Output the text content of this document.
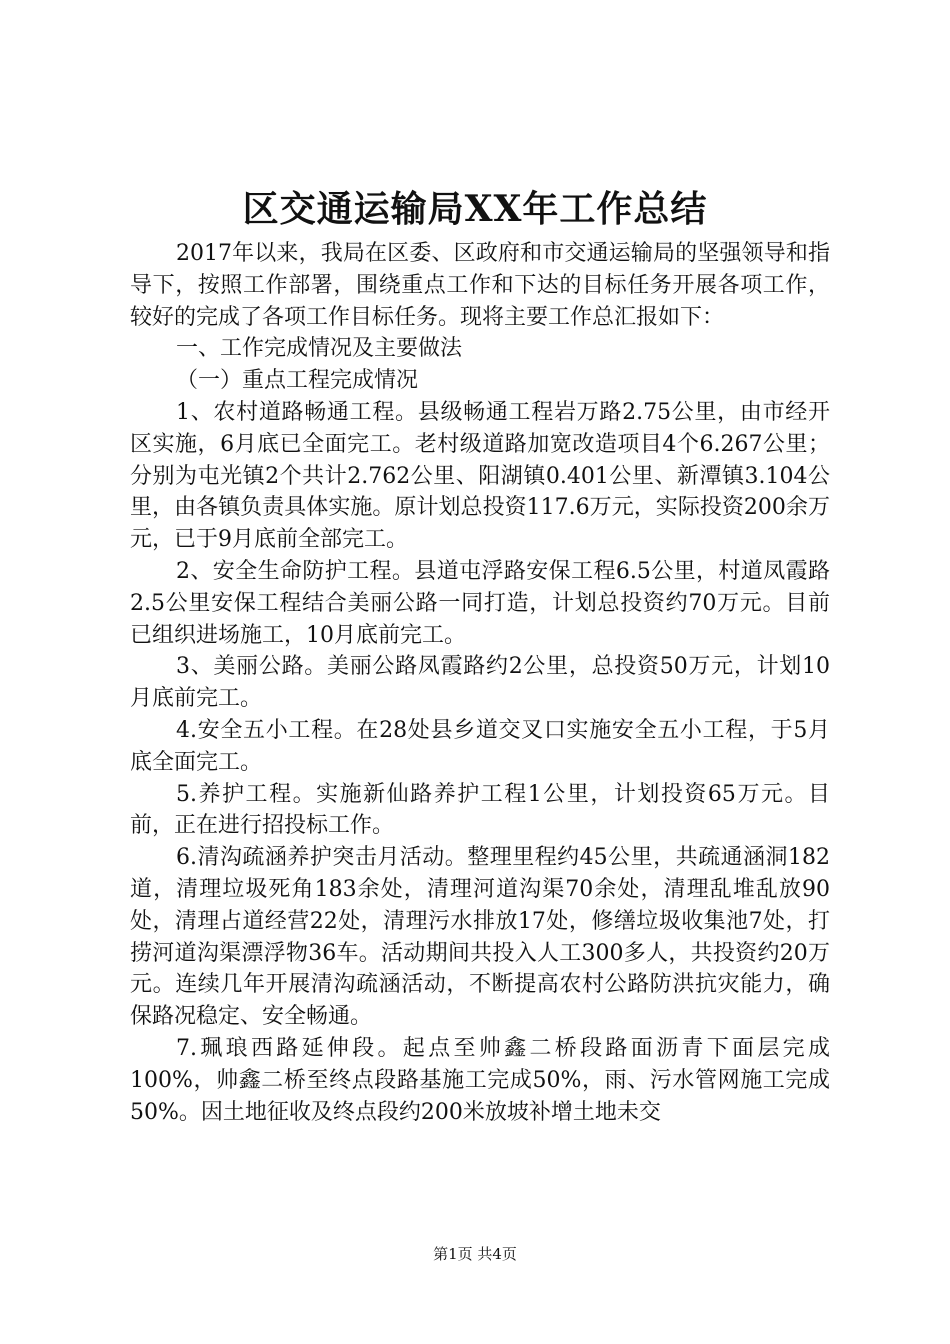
区交通运输局XX年工作总结

2017年以来，我局在区委、区政府和市交通运输局的坚强领导和指导下，按照工作部署，围绕重点工作和下达的目标任务开展各项工作，较好的完成了各项工作目标任务。现将主要工作总汇报如下：

一、工作完成情况及主要做法

（一）重点工程完成情况

1、农村道路畅通工程。县级畅通工程岩万路2.75公里，由市经开区实施，6月底已全面完工。老村级道路加宽改造项目4个6.267公里；分别为屯光镇2个共计2.762公里、阳湖镇0.401公里、新潭镇3.104公里，由各镇负责具体实施。原计划总投资117.6万元，实际投资200余万元，已于9月底前全部完工。

2、安全生命防护工程。县道屯浮路安保工程6.5公里，村道凤霞路2.5公里安保工程结合美丽公路一同打造，计划总投资约70万元。目前已组织进场施工，10月底前完工。

3、美丽公路。美丽公路凤霞路约2公里，总投资50万元，计划10月底前完工。

4.安全五小工程。在28处县乡道交叉口实施安全五小工程，于5月底全面完工。

5.养护工程。实施新仙路养护工程1公里，计划投资65万元。目前，正在进行招投标工作。

6.清沟疏涵养护突击月活动。整理里程约45公里，共疏通涵洞182道，清理垃圾死角183余处，清理河道沟渠70余处，清理乱堆乱放90处，清理占道经营22处，清理污水排放17处，修缮垃圾收集池7处，打捞河道沟渠漂浮物36车。活动期间共投入人工300多人，共投资约20万元。连续几年开展清沟疏涵活动，不断提高农村公路防洪抗灾能力，确保路况稳定、安全畅通。

7.珮琅西路延伸段。起点至帅鑫二桥段路面沥青下面层完成100%，帅鑫二桥至终点段路基施工完成50%，雨、污水管网施工完成50%。因土地征收及终点段约200米放坡补增土地未交

第1页 共4页
